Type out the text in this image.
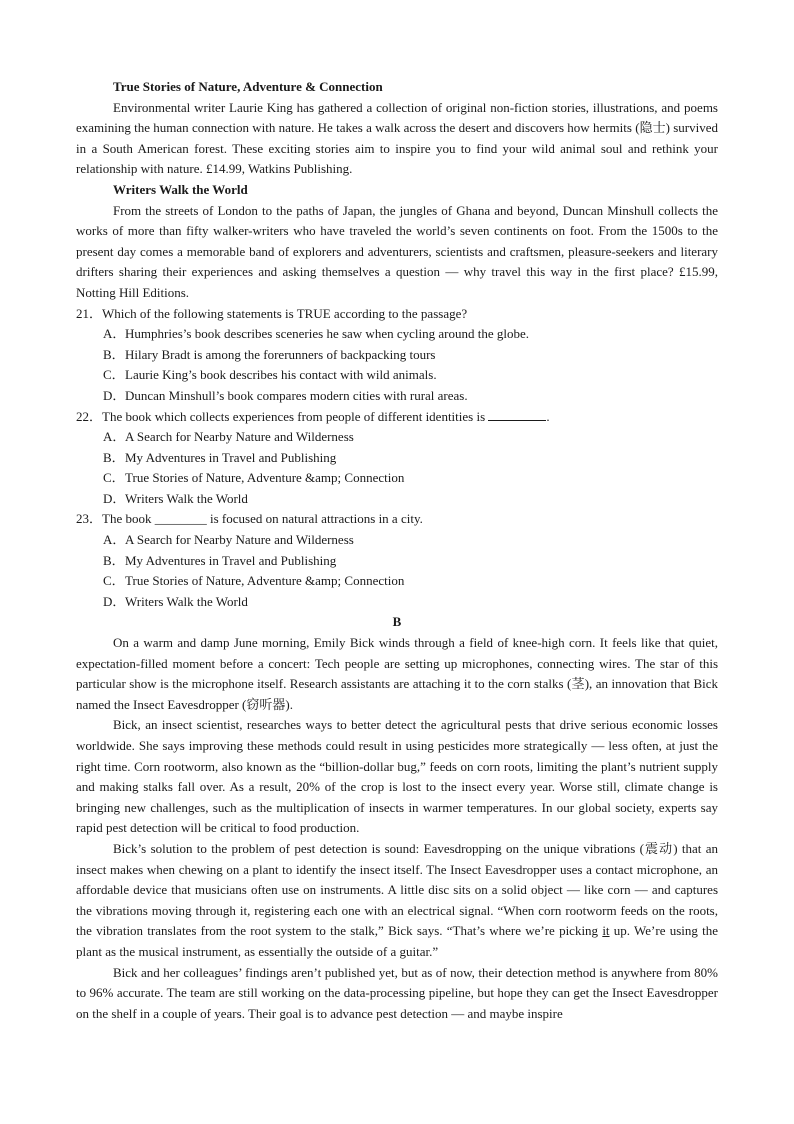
True Stories of Nature, Adventure & Connection

Environmental writer Laurie King has gathered a collection of original non-fiction stories, illustrations, and poems examining the human connection with nature. He takes a walk across the desert and discovers how hermits (隐士) survived in a South American forest. These exciting stories aim to inspire you to find your wild animal soul and rethink your relationship with nature. £14.99, Watkins Publishing.

Writers Walk the World

From the streets of London to the paths of Japan, the jungles of Ghana and beyond, Duncan Minshull collects the works of more than fifty walker-writers who have traveled the world’s seven continents on foot. From the 1500s to the present day comes a memorable band of explorers and adventurers, scientists and craftsmen, pleasure-seekers and literary drifters sharing their experiences and asking themselves a question — why travel this way in the first place? £15.99, Notting Hill Editions.

21．Which of the following statements is TRUE according to the passage?

A．Humphries’s book describes sceneries he saw when cycling around the globe.

B．Hilary Bradt is among the forerunners of backpacking tours

C．Laurie King’s book describes his contact with wild animals.

D．Duncan Minshull’s book compares modern cities with rural areas.

22．The book which collects experiences from people of different identities is	.

A．A Search for Nearby Nature and Wilderness

B．My Adventures in Travel and Publishing

C．True Stories of Nature, Adventure &amp; Connection

D．Writers Walk the World

23．The book ________ is focused on natural attractions in a city.

A．A Search for Nearby Nature and Wilderness

B．My Adventures in Travel and Publishing

C．True Stories of Nature, Adventure &amp; Connection

D．Writers Walk the World

B

On a warm and damp June morning, Emily Bick winds through a field of knee-high corn. It feels like that quiet, expectation-filled moment before a concert: Tech people are setting up microphones, connecting wires. The star of this particular show is the microphone itself. Research assistants are attaching it to the corn stalks (茎), an innovation that Bick named the Insect Eavesdropper (窃听器).

Bick, an insect scientist, researches ways to better detect the agricultural pests that drive serious economic losses worldwide. She says improving these methods could result in using pesticides more strategically — less often, at just the right time. Corn rootworm, also known as the “billion-dollar bug,” feeds on corn roots, limiting the plant’s nutrient supply and making stalks fall over. As a result, 20% of the crop is lost to the insect every year. Worse still, climate change is bringing new challenges, such as the multiplication of insects in warmer temperatures. In our global society, experts say rapid pest detection will be critical to food production.

Bick’s solution to the problem of pest detection is sound: Eavesdropping on the unique vibrations (震动) that an insect makes when chewing on a plant to identify the insect itself. The Insect Eavesdropper uses a contact microphone, an affordable device that musicians often use on instruments. A little disc sits on a solid object — like corn — and captures the vibrations moving through it, registering each one with an electrical signal. “When corn rootworm feeds on the roots, the vibration translates from the root system to the stalk,” Bick says. “That’s where we’re picking it up. We’re using the plant as the musical instrument, as essentially the outside of a guitar.”

Bick and her colleagues’ findings aren’t published yet, but as of now, their detection method is anywhere from 80% to 96% accurate. The team are still working on the data-processing pipeline, but hope they can get the Insect Eavesdropper on the shelf in a couple of years. Their goal is to advance pest detection — and maybe inspire
